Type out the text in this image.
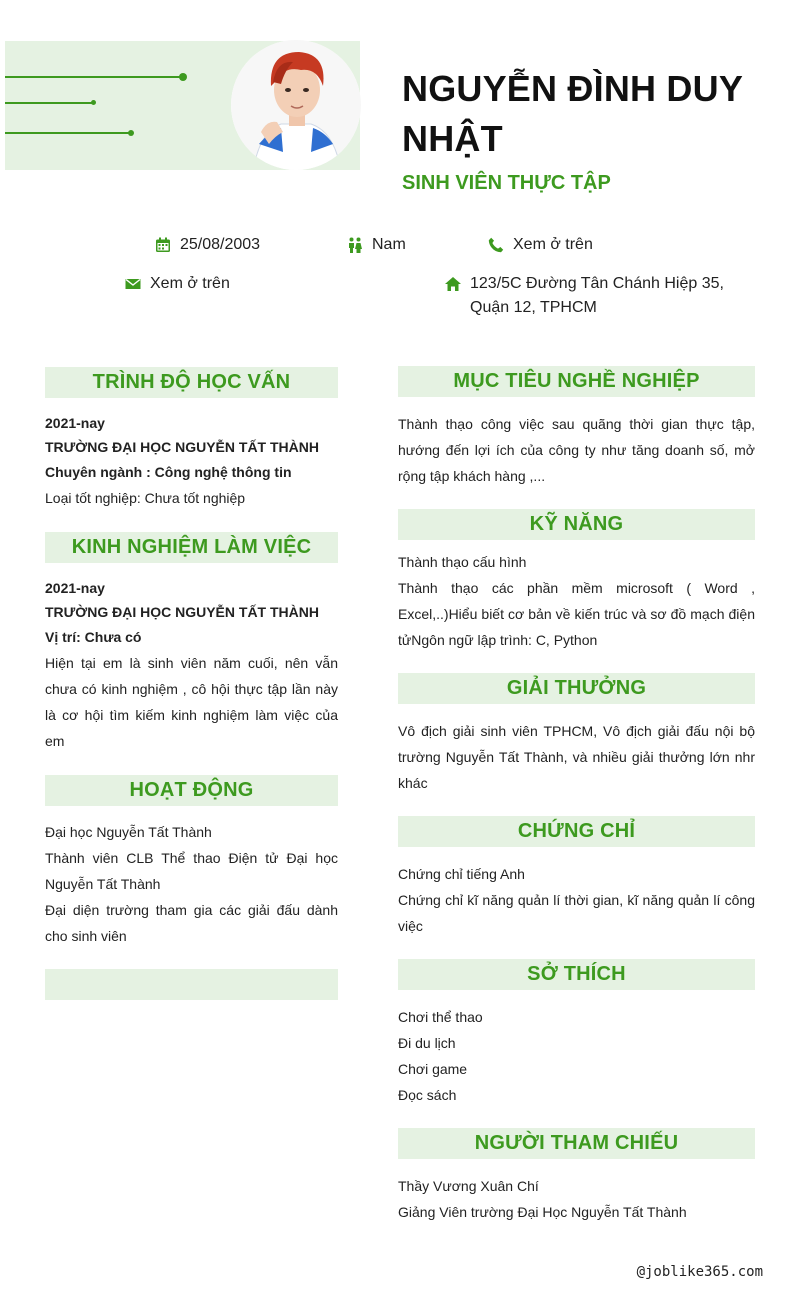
NGUYỄN ĐÌNH DUY NHẬT
SINH VIÊN THỰC TẬP
25/08/2003	Nam	Xem ở trên
Xem ở trên	123/5C Đường Tân Chánh Hiệp 35, Quận 12, TPHCM
TRÌNH ĐỘ HỌC VẤN

2021-nay

TRƯỜNG ĐẠI HỌC NGUYỄN TẤT THÀNH

Chuyên ngành : Công nghệ thông tin

Loại tốt nghiệp: Chưa tốt nghiệp

KINH NGHIỆM LÀM VIỆC

2021-nay

TRƯỜNG ĐẠI HỌC NGUYỄN TẤT THÀNH

Vị trí: Chưa có

Hiện tại em là sinh viên năm cuối, nên vẫn chưa có kinh nghiệm , cô hội thực tập lần này là cơ hội tìm kiếm kinh nghiệm làm việc của em

HOẠT ĐỘNG

Đại học Nguyễn Tất Thành

Thành viên CLB Thể thao Điện tử Đại học Nguyễn Tất Thành

Đại diện trường tham gia các giải đấu dành cho sinh viên

MỤC TIÊU NGHỀ NGHIỆP

Thành thạo công việc sau quãng thời gian thực tập, hướng đến lợi ích của công ty như tăng doanh số, mở rộng tập khách hàng ,...

KỸ NĂNG

Thành thạo cấu hình

Thành thạo các phần mềm microsoft ( Word , Excel,..)Hiểu biết cơ bản về kiến trúc và sơ đồ mạch điện tửNgôn ngữ lập trình: C, Python

GIẢI THƯỞNG

Vô địch giải sinh viên TPHCM, Vô địch giải đấu nội bộ trường Nguyễn Tất Thành, và nhiều giải thưởng lớn nhr khác

CHỨNG CHỈ

Chứng chỉ tiếng Anh

Chứng chỉ kĩ năng quản lí thời gian, kĩ năng quản lí công việc

SỞ THÍCH

Chơi thể thao

Đi du lịch

Chơi game

Đọc sách

NGƯỜI THAM CHIẾU

Thầy Vương Xuân Chí

Giảng Viên trường Đại Học Nguyễn Tất Thành

@joblike365.com
